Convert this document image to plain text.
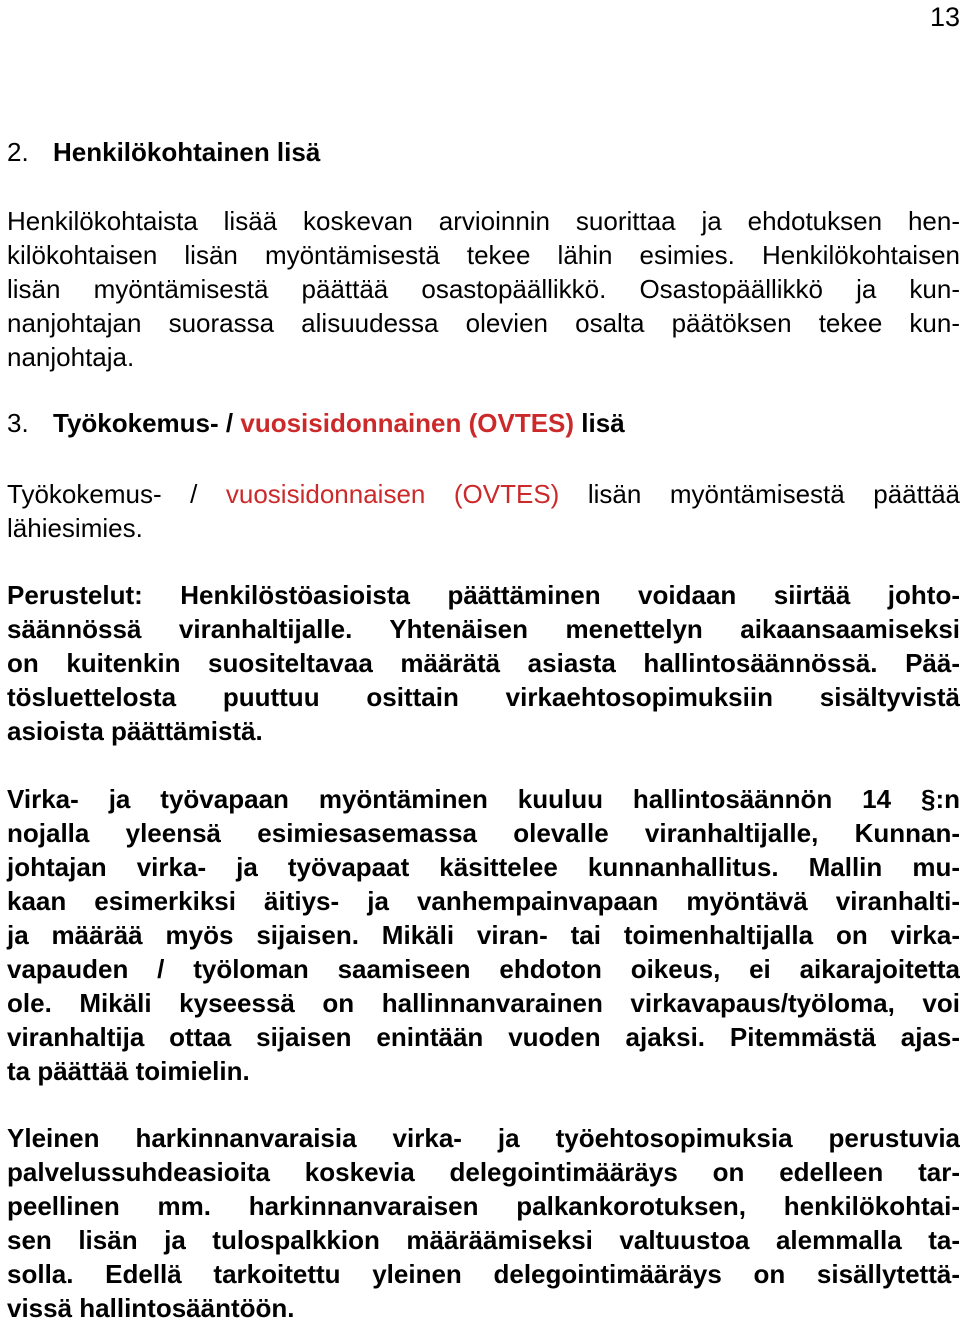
13
2. Henkilökohtainen lisä
Henkilökohtaista lisää koskevan arvioinnin suorittaa ja ehdotuksen hen-
kilökohtaisen lisän myöntämisestä tekee lähin esimies. Henkilökohtaisen
lisän myöntämisestä päättää osastopäällikkö. Osastopäällikkö ja kun-
nanjohtajan suorassa alisuudessa olevien osalta päätöksen tekee kun-
nanjohtaja.
3. Työkokemus- / vuosisidonnainen (OVTES) lisä
Työkokemus- / vuosisidonnaisen (OVTES) lisän myöntämisestä päättää
lähiesimies.
Perustelut: Henkilöstöasioista päättäminen voidaan siirtää johto-
säännössä viranhaltijalle. Yhtenäisen menettelyn aikaansaamiseksi
on kuitenkin suositeltavaa määrätä asiasta hallintosäännössä. Pää-
tösluettelosta puuttuu osittain virkaehtosopimuksiin sisältyvistä
asioista päättämistä.
Virka- ja työvapaan myöntäminen kuuluu hallintosäännön 14 §:n
nojalla yleensä esimiesasemassa olevalle viranhaltijalle, Kunnan-
johtajan virka- ja työvapaat käsittelee kunnanhallitus. Mallin mu-
kaan esimerkiksi äitiys- ja vanhempainvapaan myöntävä viranhalti-
ja määrää myös sijaisen. Mikäli viran- tai toimenhaltijalla on virka-
vapauden / työloman saamiseen ehdoton oikeus, ei aikarajoitetta
ole. Mikäli kyseessä on hallinnanvarainen virkavapaus/työloma, voi
viranhaltija ottaa sijaisen enintään vuoden ajaksi. Pitemmästä ajas-
ta päättää toimielin.
Yleinen harkinnanvaraisia virka- ja työehtosopimuksia perustuvia
palvelussuhdeasioita koskevia delegointimääräys on edelleen tar-
peellinen mm. harkinnanvaraisen palkankorotuksen, henkilökohtai-
sen lisän ja tulospalkkion määräämiseksi valtuustoa alemmalla ta-
solla. Edellä tarkoitettu yleinen delegointimääräys on sisällytettä-
vissä hallintosääntöön.
